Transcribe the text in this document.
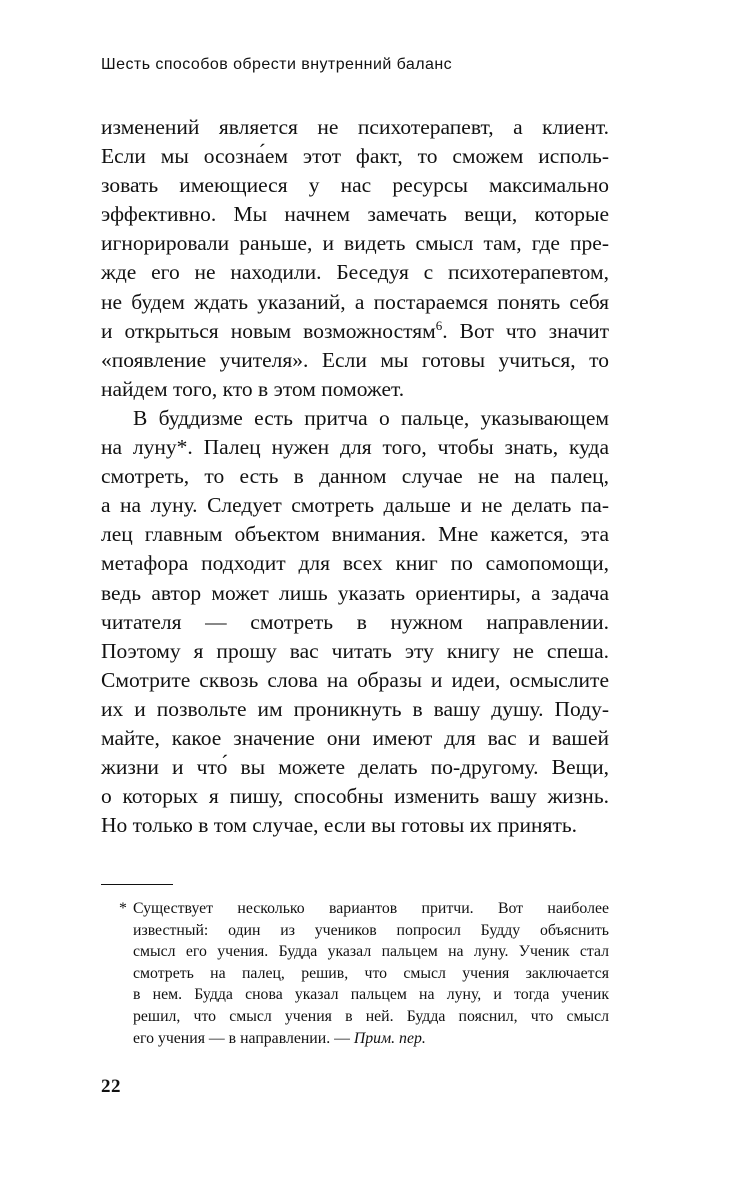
Шесть способов обрести внутренний баланс
изменений является не психотерапевт, а клиент.
Если мы осозна́ем этот факт, то сможем исполь-
зовать имеющиеся у нас ресурсы максимально
эффективно. Мы начнем замечать вещи, которые
игнорировали раньше, и видеть смысл там, где пре-
жде его не находили. Беседуя с психотерапевтом,
не будем ждать указаний, а постараемся понять себя
и открыться новым возможностям$^6$. Вот что значит
«появление учителя». Если мы готовы учиться, то
найдем того, кто в этом поможет.
В буддизме есть притча о пальце, указывающем
на луну*. Палец нужен для того, чтобы знать, куда
смотреть, то есть в данном случае не на палец,
а на луну. Следует смотреть дальше и не делать па-
лец главным объектом внимания. Мне кажется, эта
метафора подходит для всех книг по самопомощи,
ведь автор может лишь указать ориентиры, а задача
читателя — смотреть в нужном направлении.
Поэтому я прошу вас читать эту книгу не спеша.
Смотрите сквозь слова на образы и идеи, осмыслите
их и позвольте им проникнуть в вашу душу. Поду-
майте, какое значение они имеют для вас и вашей
жизни и что́ вы можете делать по-другому. Вещи,
о которых я пишу, способны изменить вашу жизнь.
Но только в том случае, если вы готовы их принять.
* Существует несколько вариантов притчи. Вот наиболее
известный: один из учеников попросил Будду объяснить
смысл его учения. Будда указал пальцем на луну. Ученик стал
смотреть на палец, решив, что смысл учения заключается
в нем. Будда снова указал пальцем на луну, и тогда ученик
решил, что смысл учения в ней. Будда пояснил, что смысл
его учения — в направлении. — Прим. пер.
22
